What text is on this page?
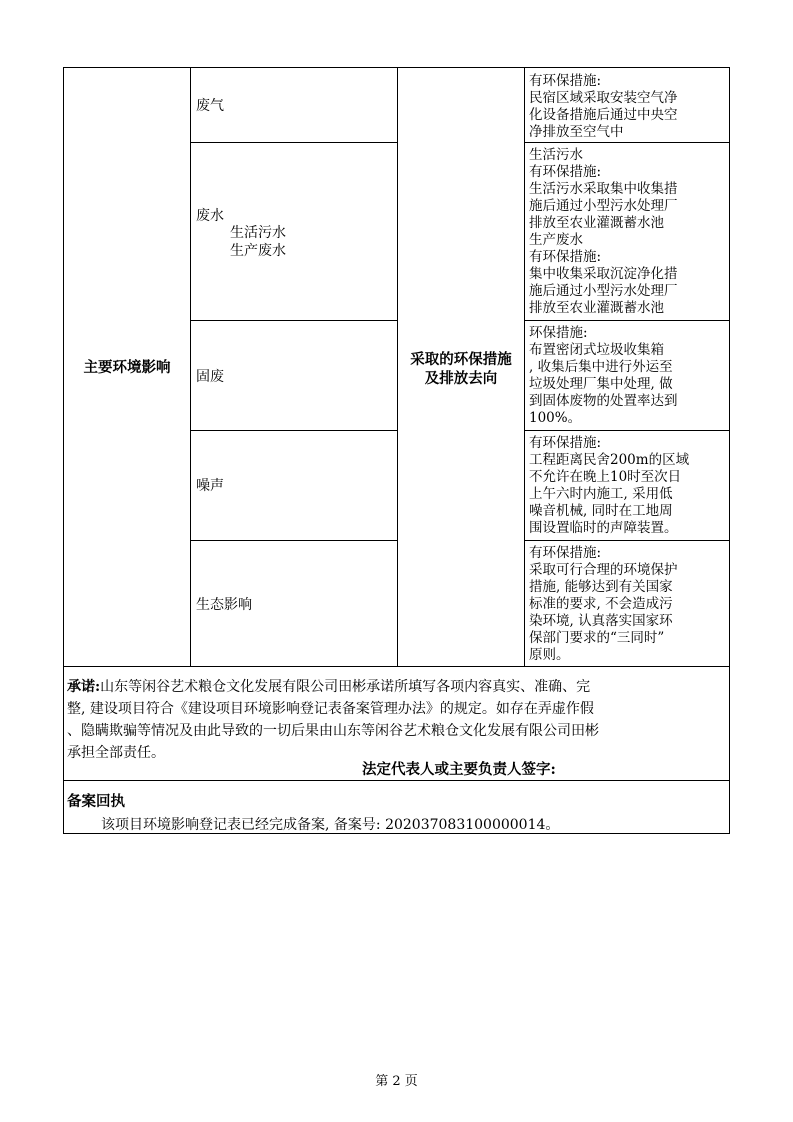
主要环境影响	采取的环保措施
及排放去向
废气
废水
生活污水
生产废水
固废
噪声
生态影响
有环保措施:
民宿区域采取安装空气净
化设备措施后通过中央空
净排放至空气中
生活污水
有环保措施:
生活污水采取集中收集措
施后通过小型污水处理厂
排放至农业灌溉蓄水池
生产废水
有环保措施:
集中收集采取沉淀净化措
施后通过小型污水处理厂
排放至农业灌溉蓄水池
环保措施:
布置密闭式垃圾收集箱
, 收集后集中进行外运至
垃圾处理厂集中处理, 做
到固体废物的处置率达到
100%。
有环保措施:
工程距离民舍200m的区域
不允许在晚上10时至次日
上午六时内施工, 采用低
噪音机械, 同时在工地周
围设置临时的声障装置。
有环保措施:
采取可行合理的环境保护
措施, 能够达到有关国家
标准的要求, 不会造成污
染环境, 认真落实国家环
保部门要求的“三同时”
原则。
承诺:山东等闲谷艺术粮仓文化发展有限公司田彬承诺所填写各项内容真实、准确、完
整, 建设项目符合《建设项目环境影响登记表备案管理办法》的规定。如存在弄虚作假
、隐瞒欺骗等情况及由此导致的一切后果由山东等闲谷艺术粮仓文化发展有限公司田彬
承担全部责任。
法定代表人或主要负责人签字:
备案回执
该项目环境影响登记表已经完成备案, 备案号: 202037083100000014。
第 2 页
